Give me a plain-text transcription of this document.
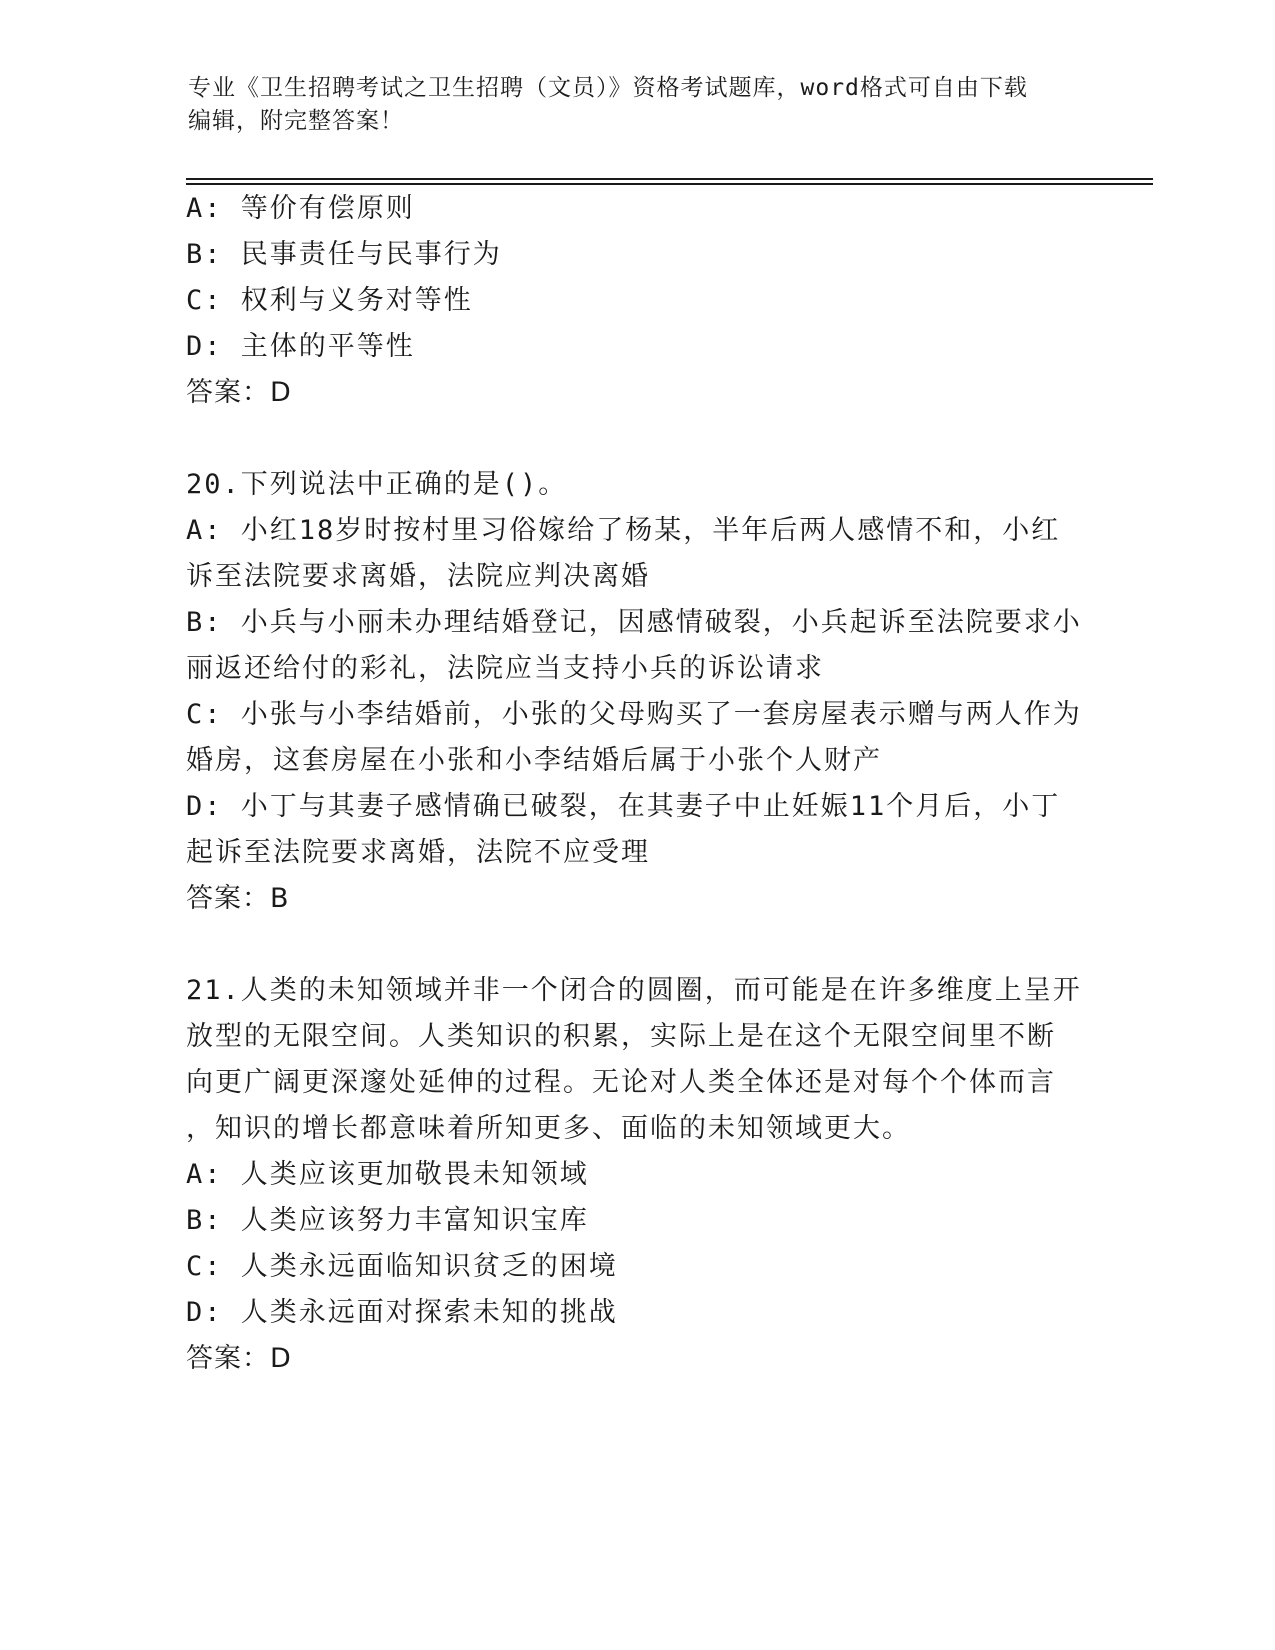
专业《卫生招聘考试之卫生招聘（文员）》资格考试题库，word格式可自由下载
编辑，附完整答案！
A: 等价有偿原则
B: 民事责任与民事行为
C: 权利与义务对等性
D: 主体的平等性
答案：D
20.下列说法中正确的是()。
A: 小红18岁时按村里习俗嫁给了杨某，半年后两人感情不和，小红
诉至法院要求离婚，法院应判决离婚
B: 小兵与小丽未办理结婚登记，因感情破裂，小兵起诉至法院要求小
丽返还给付的彩礼，法院应当支持小兵的诉讼请求
C: 小张与小李结婚前，小张的父母购买了一套房屋表示赠与两人作为
婚房，这套房屋在小张和小李结婚后属于小张个人财产
D: 小丁与其妻子感情确已破裂，在其妻子中止妊娠11个月后，小丁
起诉至法院要求离婚，法院不应受理
答案：B
21.人类的未知领域并非一个闭合的圆圈，而可能是在许多维度上呈开
放型的无限空间。人类知识的积累，实际上是在这个无限空间里不断
向更广阔更深邃处延伸的过程。无论对人类全体还是对每个个体而言
，知识的增长都意味着所知更多、面临的未知领域更大。
A: 人类应该更加敬畏未知领域
B: 人类应该努力丰富知识宝库
C: 人类永远面临知识贫乏的困境
D: 人类永远面对探索未知的挑战
答案：D
